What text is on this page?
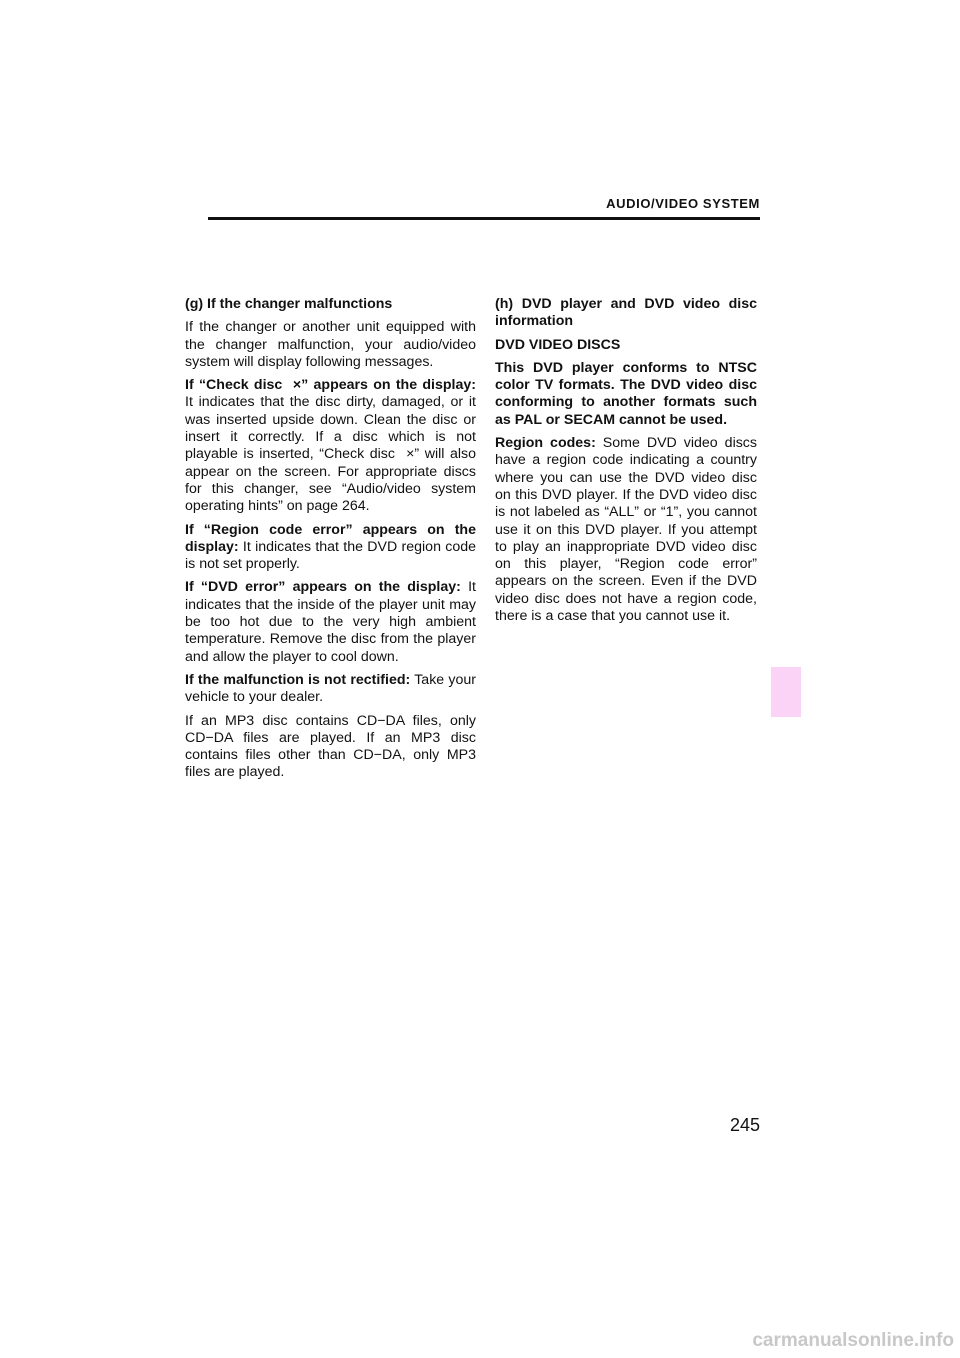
AUDIO/VIDEO SYSTEM

(g) If the changer malfunctions

If the changer or another unit equipped with the changer malfunction, your audio/video system will display following messages.

If “Check disc  ×” appears on the display: It indicates that the disc dirty, damaged, or it was inserted upside down. Clean the disc or insert it correctly. If a disc which is not playable is inserted, “Check disc  ×” will also appear on the screen. For appropriate discs for this changer, see “Audio/video system operating hints” on page 264.

If “Region code error” appears on the display: It indicates that the DVD region code is not set properly.

If “DVD error” appears on the display: It indicates that the inside of the player unit may be too hot due to the very high ambient temperature. Remove the disc from the player and allow the player to cool down.

If the malfunction is not rectified: Take your vehicle to your dealer.

If an MP3 disc contains CD−DA files, only CD−DA files are played. If an MP3 disc contains files other than CD−DA, only MP3 files are played.

(h) DVD player and DVD video disc information

DVD VIDEO DISCS

This DVD player conforms to NTSC color TV formats. The DVD video disc conforming to another formats such as PAL or SECAM cannot be used.

Region codes: Some DVD video discs have a region code indicating a country where you can use the DVD video disc on this DVD player. If the DVD video disc is not labeled as “ALL” or “1”, you cannot use it on this DVD player. If you attempt to play an inappropriate DVD video disc on this player, “Region code error” appears on the screen. Even if the DVD video disc does not have a region code, there is a case that you cannot use it.

245
carmanualsonline.info
